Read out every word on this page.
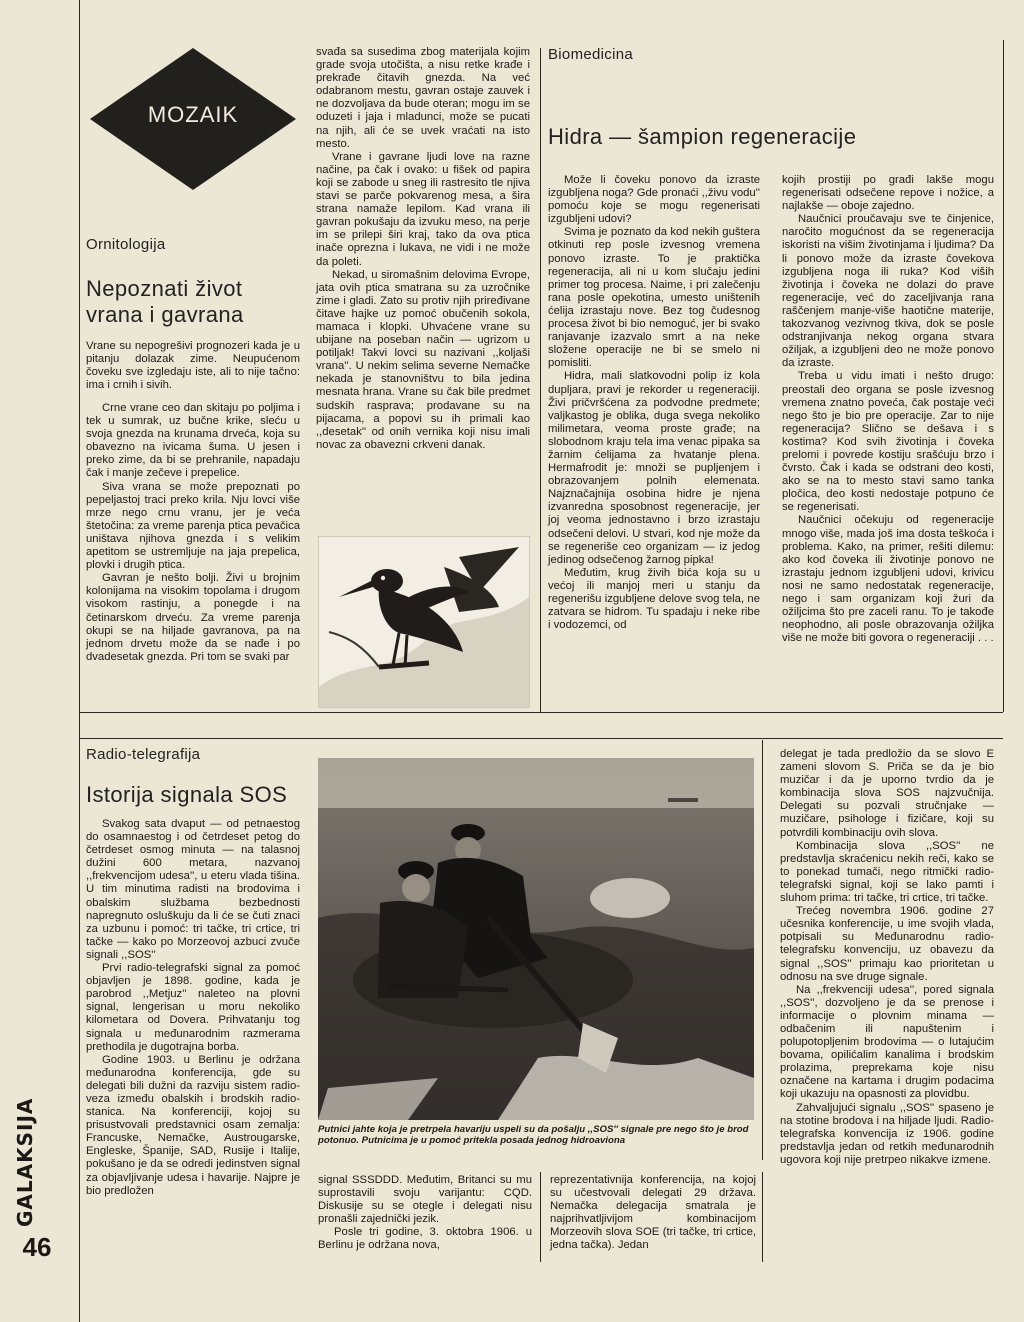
MOZAIK
Ornitologija
Nepoznati život
vrana i gavrana
Vrane su nepogrešivi prognozeri kada je u pitanju dolazak zime. Neupućenom čoveku sve izgledaju iste, ali to nije tačno: ima i crnih i sivih.

Crne vrane ceo dan skitaju po poljima i tek u sumrak, uz bučne krike, sleću u svoja gnezda na krunama drveća, koja su obavezno na ivicama šuma. U jesen i preko zime, da bi se prehranile, napadaju čak i manje zečeve i prepelice.

Siva vrana se može prepoznati po pepeljastoj traci preko krila. Nju lovci više mrze nego crnu vranu, jer je veća štetočina: za vreme parenja ptica pevačica uništava njihova gnezda i s velikim apetitom se ustremljuje na jaja prepelica, plovki i drugih ptica.

Gavran je nešto bolji. Živi u brojnim kolonijama na visokim topolama i drugom visokom rastinju, a ponegde i na četinarskom drveću. Za vreme parenja okupi se na hiljade gavranova, pa na jednom drvetu može da se nađe i po dvadesetak gnezda. Pri tom se svaki par

svađa sa susedima zbog materijala kojim grade svoja utočišta, a nisu retke krađe i prekrađe čitavih gnezda. Na već odabranom mestu, gavran ostaje zauvek i ne dozvoljava da bude oteran; mogu im se oduzeti i jaja i mladunci, može se pucati na njih, ali će se uvek vraćati na isto mesto.

Vrane i gavrane ljudi love na razne načine, pa čak i ovako: u fišek od papira koji se zabode u sneg ili rastresito tle njiva stavi se parče pokvarenog mesa, a šira strana namaže lepilom. Kad vrana ili gavran pokušaju da izvuku meso, na perje im se prilepi širi kraj, tako da ova ptica inače oprezna i lukava, ne vidi i ne može da poleti.

Nekad, u siromašnim delovima Evrope, jata ovih ptica smatrana su za uzročnike zime i gladi. Zato su protiv njih priređivane čitave hajke uz pomoć obučenih sokola, mamaca i klopki. Uhvaćene vrane su ubijane na poseban način — ugrizom u potiljak! Takvi lovci su nazivani ,,koljaši vrana''. U nekim selima severne Nemačke nekada je stanovništvu to bila jedina mesnata hrana. Vrane su čak bile predmet sudskih rasprava; prodavane su na pijacama, a popovi su ih primali kao ,,desetak'' od onih vernika koji nisu imali novac za obavezni crkveni danak.

Biomedicina
Hidra — šampion regeneracije

Može li čoveku ponovo da izraste izgubljena noga? Gde pronaći ,,živu vodu'' pomoću koje se mogu regenerisati izgubljeni udovi?

Svima je poznato da kod nekih guštera otkinuti rep posle izvesnog vremena ponovo izraste. To je praktička regeneracija, ali ni u kom slučaju jedini primer tog procesa. Naime, i pri zalečenju rana posle opekotina, umesto uništenih ćelija izrastaju nove. Bez tog čudesnog procesa život bi bio nemoguć, jer bi svako ranjavanje izazvalo smrt a na neke složene operacije ne bi se smelo ni pomisliti.

Hidra, mali slatkovodni polip iz kola dupljara, pravi je rekorder u regeneraciji. Živi pričvršćena za podvodne predmete; valjkastog je oblika, duga svega nekoliko milimetara, veoma proste građe; na slobodnom kraju tela ima venac pipaka sa žarnim ćelijama za hvatanje plena. Hermafrodit je: množi se pupljenjem i obrazovanjem polnih elemenata. Najznačajnija osobina hidre je njena izvanredna sposobnost regeneracije, jer joj veoma jednostavno i brzo izrastaju odsečeni delovi. U stvari, kod nje može da se regeneriše ceo organizam — iz jedog jedinog odsečenog žarnog pipka!

Međutim, krug živih bića koja su u većoj ili manjoj meri u stanju da regenerišu izgubljene delove svog tela, ne zatvara se hidrom. Tu spadaju i neke ribe i vodozemci, od

kojih prostiji po građi lakše mogu regenerisati odsečene repove i nožice, a najlakše — oboje zajedno.

Naučnici proučavaju sve te činjenice, naročito mogućnost da se regeneracija iskoristi na višim životinjama i ljudima? Da li ponovo može da izraste čovekova izgubljena noga ili ruka? Kod viših životinja i čoveka ne dolazi do prave regeneracije, već do zaceljivanja rana raščenjem manje-više haotične materije, takozvanog vezivnog tkiva, dok se posle odstranjivanja nekog organa stvara ožiljak, a izgubljeni deo ne može ponovo da izraste.

Treba u vidu imati i nešto drugo: preostali deo organa se posle izvesnog vremena znatno poveća, čak postaje veći nego što je bio pre operacije. Zar to nije regeneracija? Slično se dešava i s kostima? Kod svih životinja i čoveka prelomi i povrede kostiju srašćuju brzo i čvrsto. Čak i kada se odstrani deo kosti, ako se na to mesto stavi samo tanka pločica, deo kosti nedostaje potpuno će se regenerisati.

Naučnici očekuju od regeneracije mnogo više, mada još ima dosta teškoća i problema. Kako, na primer, rešiti dilemu: ako kod čoveka ili životinje ponovo ne izrastaju jednom izgubljeni udovi, krivicu nosi ne samo nedostatak regeneracije, nego i sam organizam koji žuri da ožiljcima što pre zaceli ranu. To je takođe neophodno, ali posle obrazovanja ožiljka više ne može biti govora o regeneraciji . . .

Radio-telegrafija
Istorija signala SOS

Svakog sata dvaput — od petnaestog do osamnaestog i od četrdeset petog do četrdeset osmog minuta — na talasnoj dužini 600 metara, nazvanoj ,,frekvencijom udesa'', u eteru vlada tišina. U tim minutima radisti na brodovima i obalskim službama bezbednosti napregnuto osluškuju da li će se čuti znaci za uzbunu i pomoć: tri tačke, tri crtice, tri tačke — kako po Morzeovoj azbuci zvuče signali ,,SOS''

Prvi radio-telegrafski signal za pomoć objavljen je 1898. godine, kada je parobrod ,,Metjuz'' naleteo na plovni signal, lengerisan u moru nekoliko kilometara od Dovera. Prihvatanju tog signala u međunarodnim razmerama prethodila je dugotrajna borba.

Godine 1903. u Berlinu je održana međunarodna konferencija, gde su delegati bili dužni da razviju sistem radio-veza između obalskih i brodskih radio-stanica. Na konferenciji, kojoj su prisustvovali predstavnici osam zemalja: Francuske, Nemačke, Austrougarske, Engleske, Španije, SAD, Rusije i Italije, pokušano je da se odredi jedinstven signal za objavljivanje udesa i havarije. Najpre je bio predložen

Putnici jahte koja je pretrpela havariju uspeli su da pošalju ,,SOS'' signale pre nego što je brod potonuo. Putnicima je u pomoć pritekla posada jednog hidroaviona

signal SSSDDD. Međutim, Britanci su mu suprostavili svoju varijantu: CQD. Diskusije su se otegle i delegati nisu pronašli zajednički jezik.

Posle tri godine, 3. oktobra 1906. u Berlinu je održana nova,

reprezentativnija konferencija, na kojoj su učestvovali delegati 29 država. Nemačka delegacija smatrala je najprihvatljivijom kombinacijom Morzeovih slova SOE (tri tačke, tri crtice, jedna tačka). Jedan

delegat je tada predložio da se slovo E zameni slovom S. Priča se da je bio muzičar i da je uporno tvrdio da je kombinacija slova SOS najzvučnija. Delegati su pozvali stručnjake — muzičare, psihologe i fizičare, koji su potvrdili kombinaciju ovih slova.

Kombinacija slova ,,SOS'' ne predstavlja skraćenicu nekih reči, kako se to ponekad tumači, nego ritmički radio-telegrafski signal, koji se lako pamti i sluhom prima: tri tačke, tri crtice, tri tačke.

Trećeg novembra 1906. godine 27 učesnika konferencije, u ime svojih vlada, potpisali su Međunarodnu radio-telegrafsku konvenciju, uz obavezu da signal ,,SOS'' primaju kao prioritetan u odnosu na sve druge signale.

Na ,,frekvenciji udesa'', pored signala ,,SOS'', dozvoljeno je da se prenose i informacije o plovnim minama — odbačenim ili napuštenim i polupotopljenim brodovima — o lutajućim bovama, opilićalim kanalima i brodskim prolazima, preprekama koje nisu označene na kartama i drugim podacima koji ukazuju na opasnosti za plovidbu.

Zahvaljujući signalu ,,SOS'' spaseno je na stotine brodova i na hiljade ljudi. Radio-telegrafska konvencija iz 1906. godine predstavlja jedan od retkih međunarodnih ugovora koji nije pretrpeo nikakve izmene.

GALAKSIJA
46
